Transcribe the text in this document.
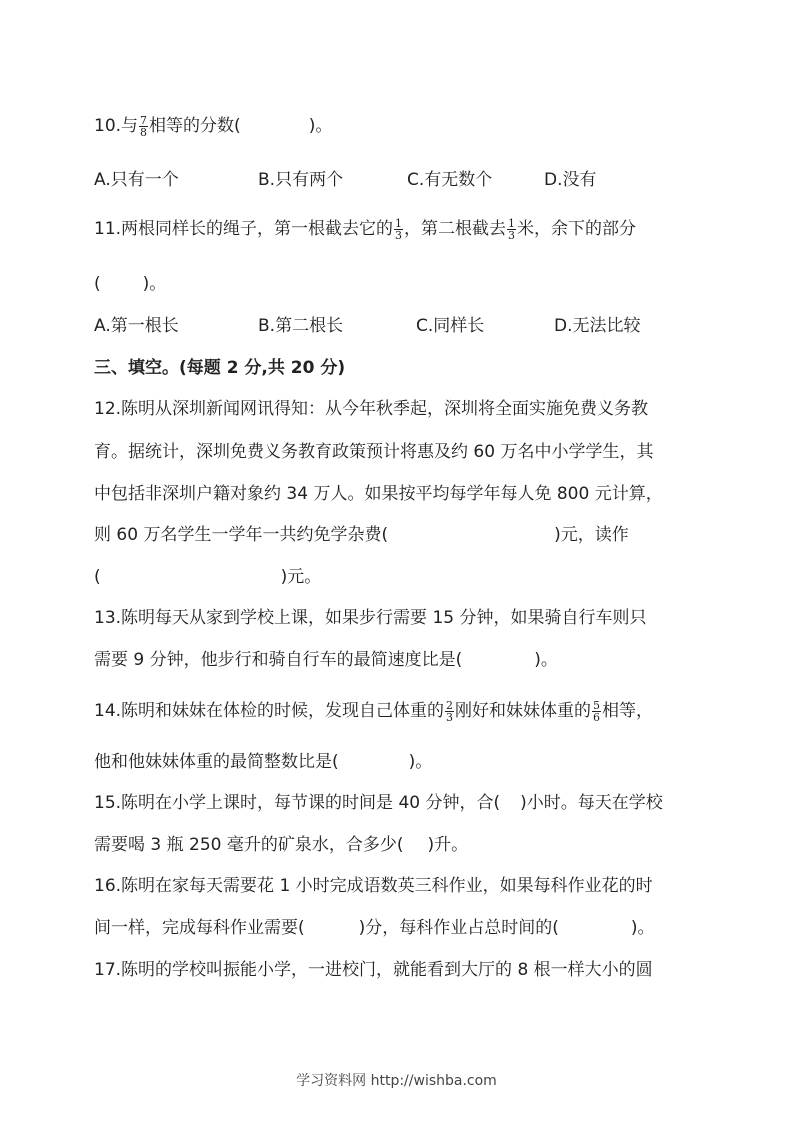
10.与 $\frac{7}{8}$ 相等的分数(	)。
A.只有一个	B.只有两个	C.有无数个	D.没有
11.两根同样长的绳子，第一根截去它的 $\frac{1}{3}$ ，第二根截去 $\frac{1}{3}$ 米，余下的部分
( )。
A.第一根长	B.第二根长	C.同样长	D.无法比较
三、填空。(每题 2 分,共 20 分)
12.陈明从深圳新闻网讯得知：从今年秋季起，深圳将全面实施免费义务教
育。据统计，深圳免费义务教育政策预计将惠及约 60 万名中小学学生，其
中包括非深圳户籍对象约 34 万人。如果按平均每学年每人免 800 元计算，
则 60 万名学生一学年一共约免学杂费(	)元，读作
(	)元。
13.陈明每天从家到学校上课，如果步行需要 15 分钟，如果骑自行车则只
需要 9 分钟，他步行和骑自行车的最简速度比是(	)。
14.陈明和妹妹在体检的时候，发现自己体重的 $\frac{2}{3}$ 刚好和妹妹体重的 $\frac{5}{6}$ 相等，
他和他妹妹体重的最简整数比是(	)。
15.陈明在小学上课时，每节课的时间是 40 分钟，合( )小时。每天在学校
需要喝 3 瓶 250 毫升的矿泉水，合多少( )升。
16.陈明在家每天需要花 1 小时完成语数英三科作业，如果每科作业花的时
间一样，完成每科作业需要(	)分，每科作业占总时间的(	)。
17.陈明的学校叫振能小学，一进校门，就能看到大厅的 8 根一样大小的圆
学习资料网 http://wishba.com
